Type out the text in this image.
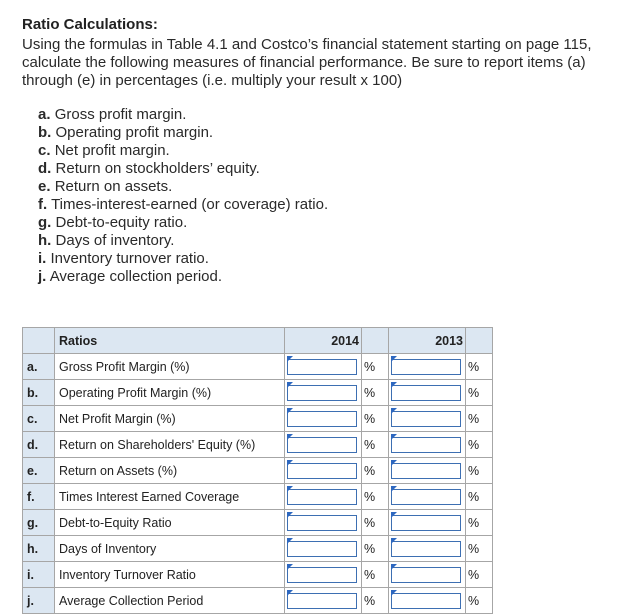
Ratio Calculations:
Using the formulas in Table 4.1 and Costco’s financial statement starting on page 115, calculate the following measures of financial performance. Be sure to report items (a) through (e) in percentages (i.e. multiply your result x 100)
a. Gross profit margin.
b. Operating profit margin.
c. Net profit margin.
d. Return on stockholders’ equity.
e. Return on assets.
f. Times-interest-earned (or coverage) ratio.
g. Debt-to-equity ratio.
h. Days of inventory.
i. Inventory turnover ratio.
j. Average collection period.
	Ratios	2014		2013	
a.	Gross Profit Margin (%)		%		%
b.	Operating Profit Margin (%)		%		%
c.	Net Profit Margin (%)		%		%
d.	Return on Shareholders' Equity (%)		%		%
e.	Return on Assets (%)		%		%
f.	Times Interest Earned Coverage		%		%
g.	Debt-to-Equity Ratio		%		%
h.	Days of Inventory		%		%
i.	Inventory Turnover Ratio		%		%
j.	Average Collection Period		%		%
